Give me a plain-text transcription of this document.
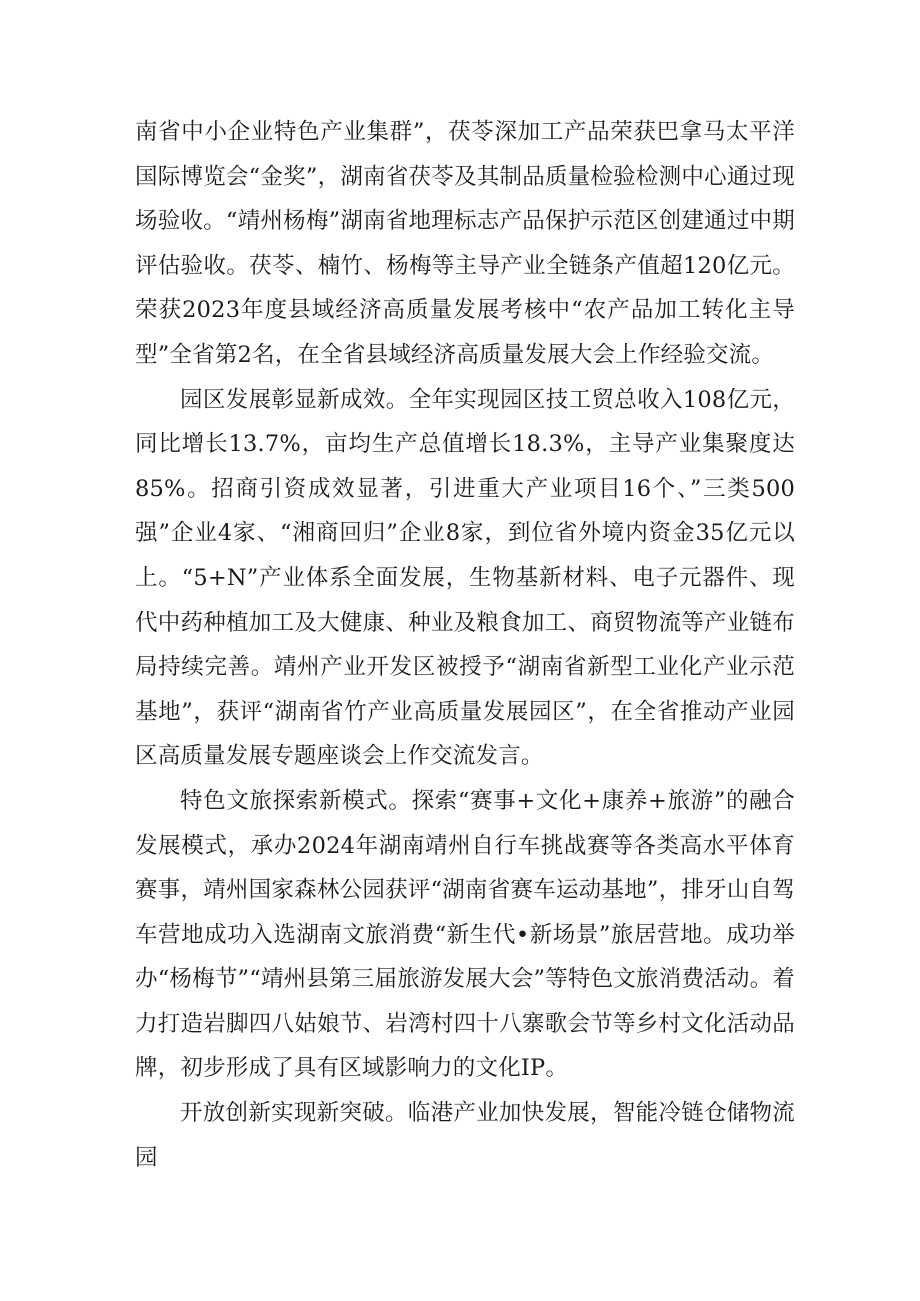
南省中小企业特色产业集群”，茯苓深加工产品荣获巴拿马太平洋国际博览会“金奖”，湖南省茯苓及其制品质量检验检测中心通过现场验收。“靖州杨梅”湖南省地理标志产品保护示范区创建通过中期评估验收。茯苓、楠竹、杨梅等主导产业全链条产值超120亿元。荣获2023年度县域经济高质量发展考核中“农产品加工转化主导型”全省第2名，在全省县域经济高质量发展大会上作经验交流。

园区发展彰显新成效。全年实现园区技工贸总收入108亿元，同比增长13.7%，亩均生产总值增长18.3%，主导产业集聚度达85%。招商引资成效显著，引进重大产业项目16个、”三类500强”企业4家、“湘商回归”企业8家，到位省外境内资金35亿元以上。“5+N”产业体系全面发展，生物基新材料、电子元器件、现代中药种植加工及大健康、种业及粮食加工、商贸物流等产业链布局持续完善。靖州产业开发区被授予“湖南省新型工业化产业示范基地”，获评“湖南省竹产业高质量发展园区”，在全省推动产业园区高质量发展专题座谈会上作交流发言。

特色文旅探索新模式。探索“赛事+文化+康养+旅游”的融合发展模式，承办2024年湖南靖州自行车挑战赛等各类高水平体育赛事，靖州国家森林公园获评“湖南省赛车运动基地”，排牙山自驾车营地成功入选湖南文旅消费“新生代•新场景”旅居营地。成功举办“杨梅节”“靖州县第三届旅游发展大会”等特色文旅消费活动。着力打造岩脚四八姑娘节、岩湾村四十八寨歌会节等乡村文化活动品牌，初步形成了具有区域影响力的文化IP。

开放创新实现新突破。临港产业加快发展，智能冷链仓储物流园
